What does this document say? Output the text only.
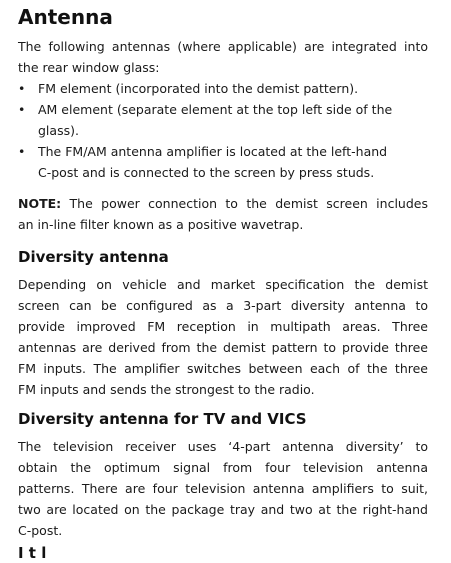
Antenna

The following antennas (where applicable) are integrated into
the rear window glass:

•	FM element (incorporated into the demist pattern).
•	AM element (separate element at the top left side of the
glass).
•	The FM/AM antenna amplifier is located at the left-hand
C-post and is connected to the screen by press studs.

NOTE: The power connection to the demist screen includes
an in-line filter known as a positive wavetrap.

Diversity antenna

Depending on vehicle and market specification the demist
screen can be configured as a 3-part diversity antenna to
provide improved FM reception in multipath areas. Three
antennas are derived from the demist pattern to provide three
FM inputs. The amplifier switches between each of the three
FM inputs and sends the strongest to the radio.

Diversity antenna for TV and VICS

The television receiver uses ‘4-part antenna diversity’ to
obtain the optimum signal from four television antenna
patterns. There are four television antenna amplifiers to suit,
two are located on the package tray and two at the right-hand
C-post.

I t l
